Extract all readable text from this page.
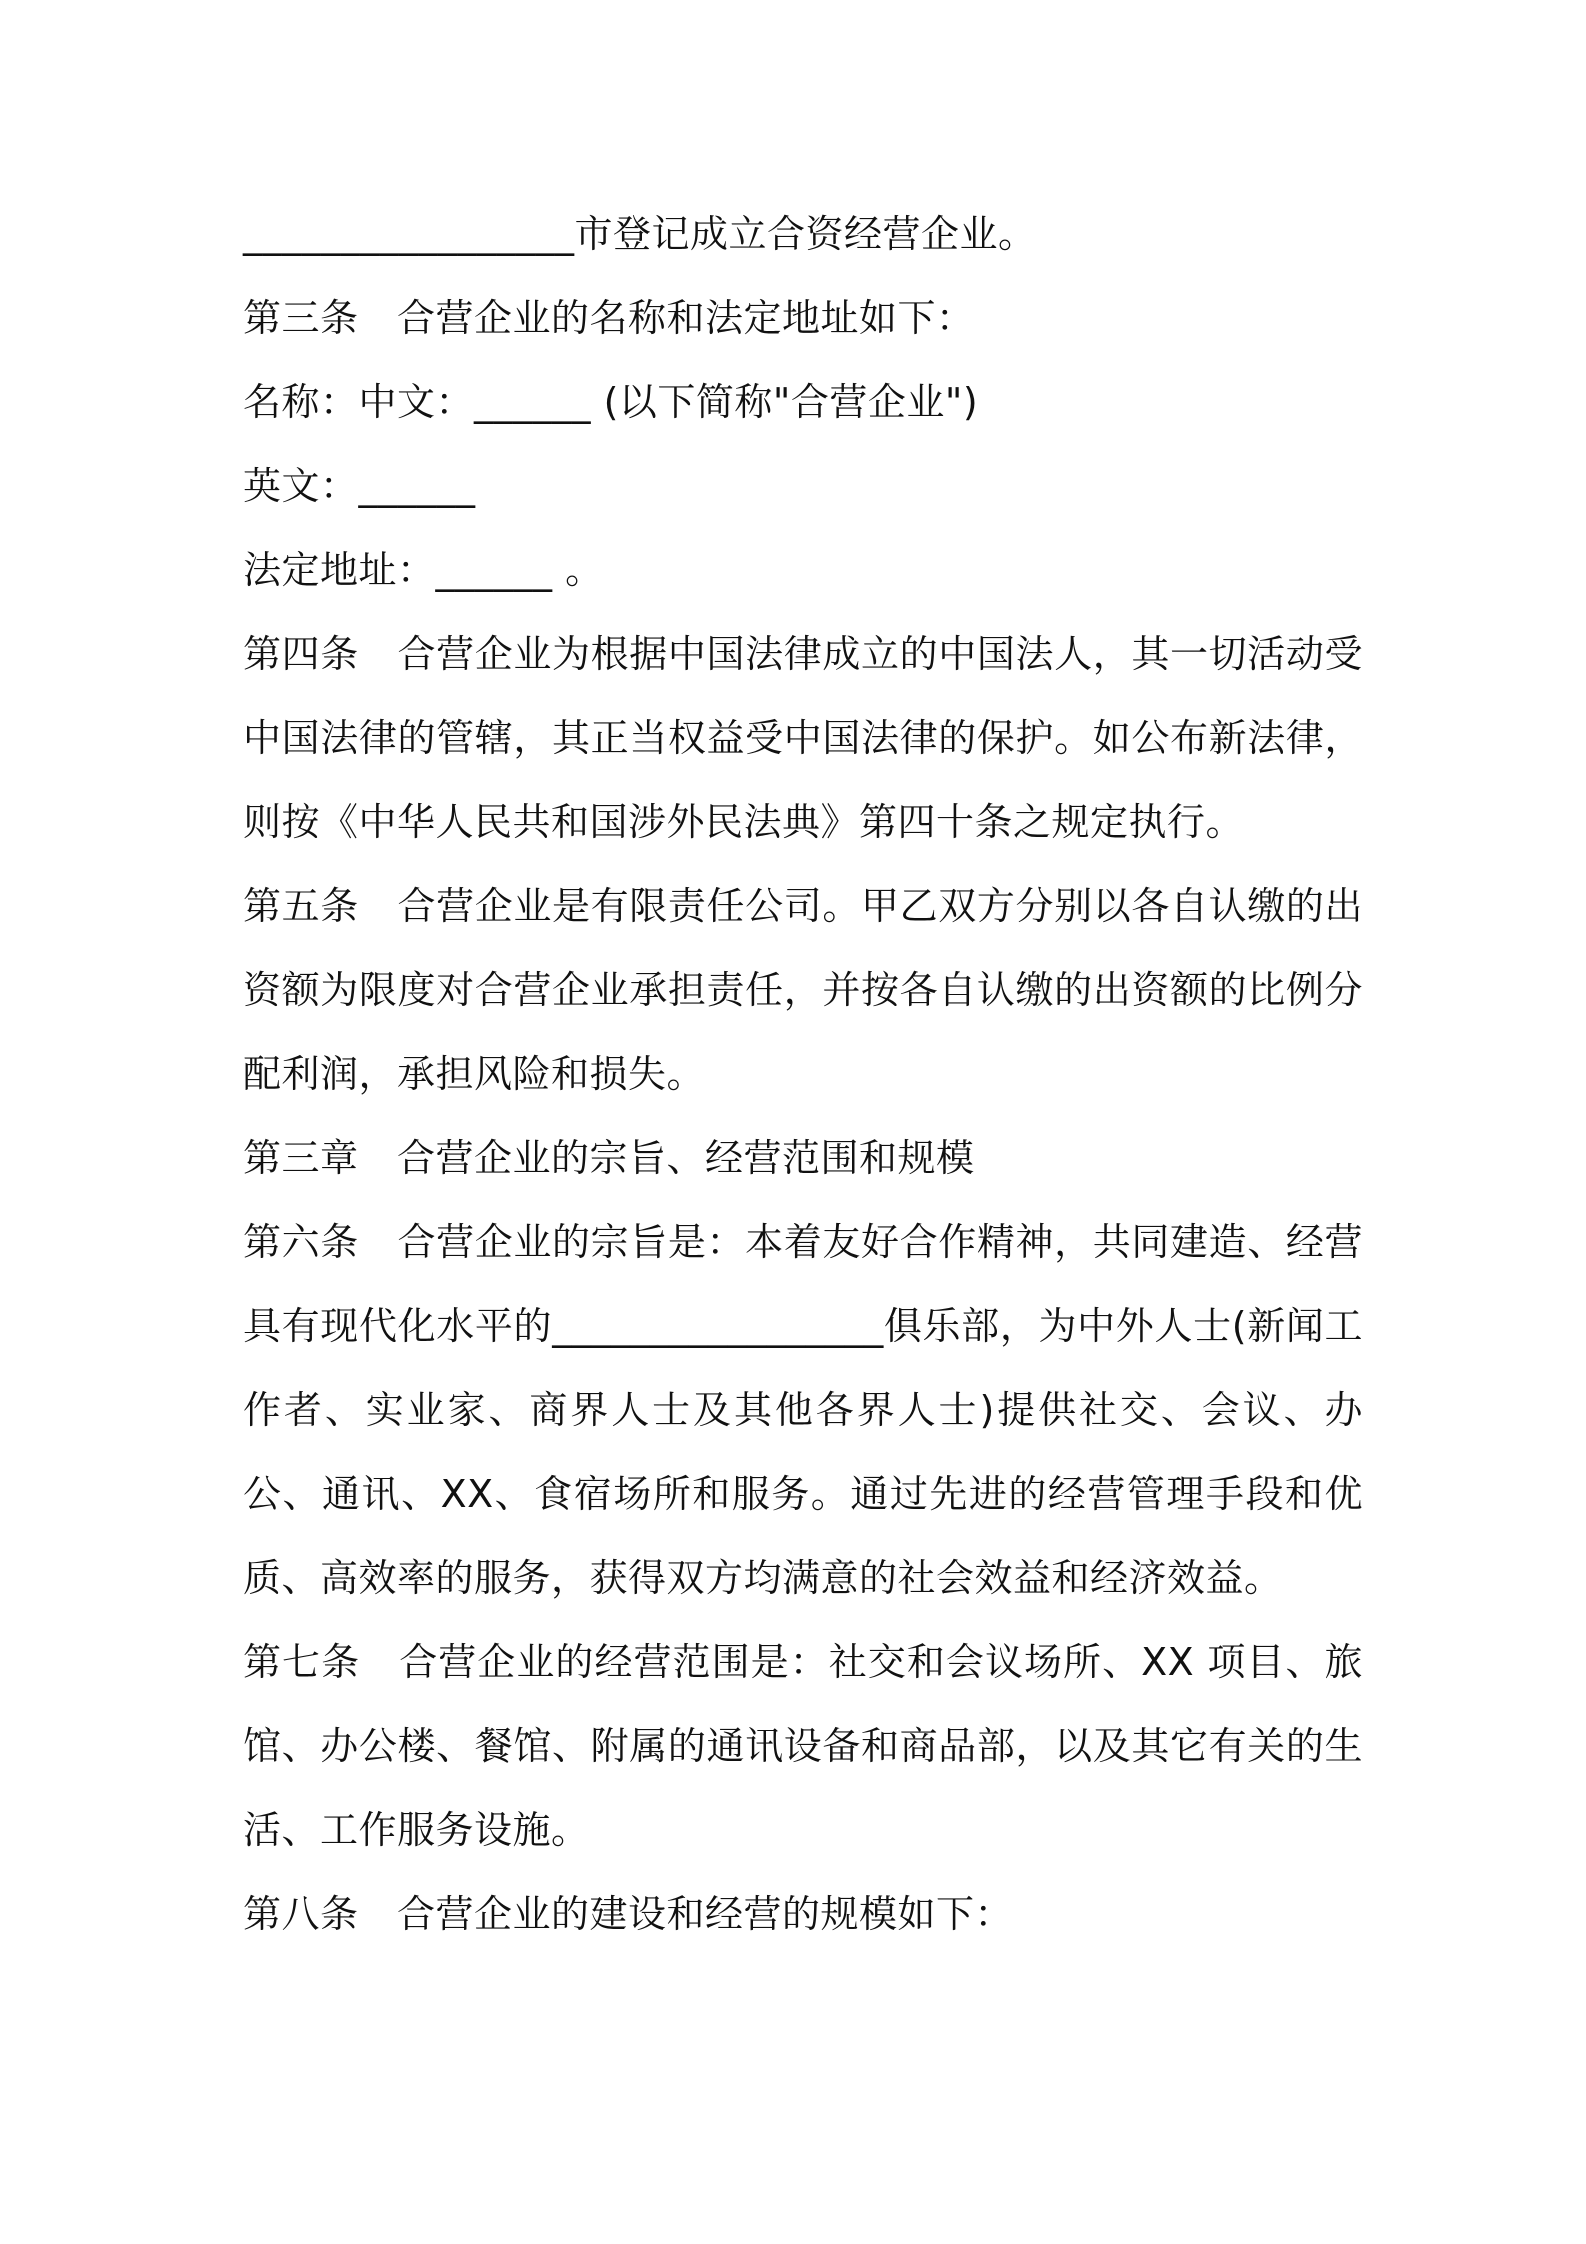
_________________市登记成立合资经营企业。

第三条　合营企业的名称和法定地址如下：

名称：中文：______ (以下简称"合营企业")

英文：______

法定地址：______ 。

第四条　合营企业为根据中国法律成立的中国法人，其一切活动受中国法律的管辖，其正当权益受中国法律的保护。如公布新法律，则按《中华人民共和国涉外民法典》第四十条之规定执行。

第五条　合营企业是有限责任公司。甲乙双方分别以各自认缴的出资额为限度对合营企业承担责任，并按各自认缴的出资额的比例分配利润，承担风险和损失。

第三章　合营企业的宗旨、经营范围和规模

第六条　合营企业的宗旨是：本着友好合作精神，共同建造、经营具有现代化水平的_________________俱乐部，为中外人士(新闻工作者、实业家、商界人士及其他各界人士)提供社交、会议、办公、通讯、XX、食宿场所和服务。通过先进的经营管理手段和优质、高效率的服务，获得双方均满意的社会效益和经济效益。

第七条　合营企业的经营范围是：社交和会议场所、XX 项目、旅馆、办公楼、餐馆、附属的通讯设备和商品部，以及其它有关的生活、工作服务设施。

第八条　合营企业的建设和经营的规模如下：
